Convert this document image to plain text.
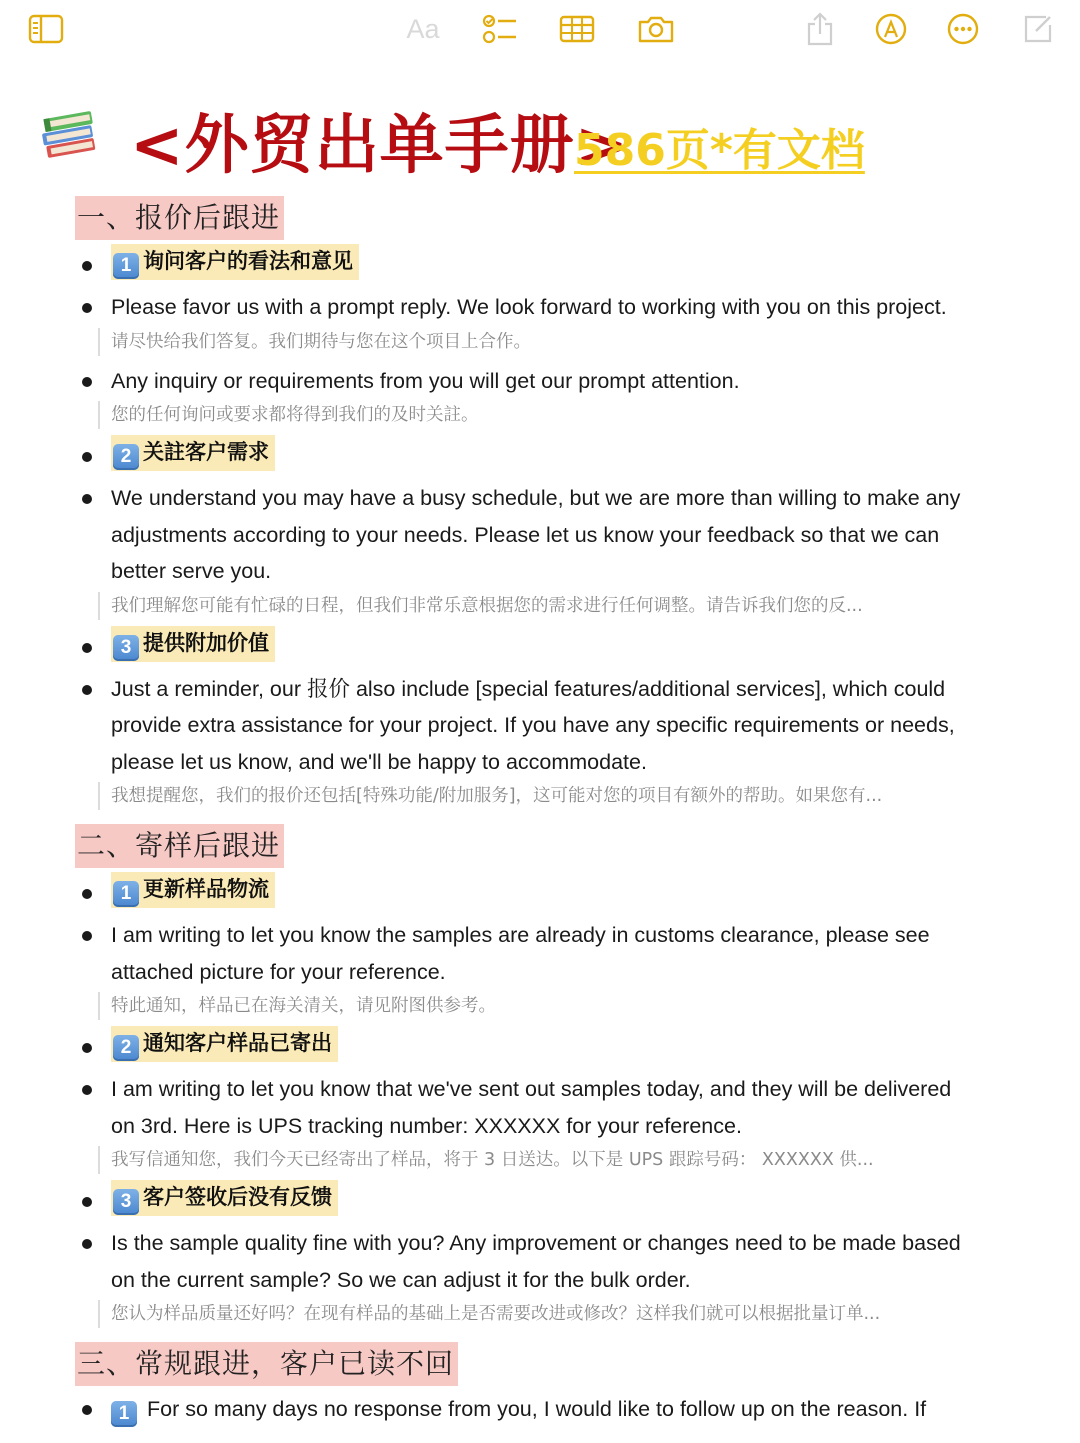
Aa
<外贸出单手册>
586页*有文档
一、报价后跟进
1 询问客户的看法和意见
Please favor us with a prompt reply. We look forward to working with you on this project.
请尽快给我们答复。我们期待与您在这个项目上合作。
Any inquiry or requirements from you will get our prompt attention.
您的任何询问或要求都将得到我们的及时关註。
2 关註客户需求
We understand you may have a busy schedule, but we are more than willing to make any adjustments according to your needs. Please let us know your feedback so that we can better serve you.
我们理解您可能有忙碌的日程，但我们非常乐意根据您的需求进行任何调整。请告诉我们您的反...
3 提供附加价值
Just a reminder, our 报价 also include [special features/additional services], which could provide extra assistance for your project. If you have any specific requirements or needs, please let us know, and we'll be happy to accommodate.
我想提醒您，我们的报价还包括[特殊功能/附加服务]，这可能对您的项目有额外的帮助。如果您有...
二、寄样后跟进
1 更新样品物流
I am writing to let you know the samples are already in customs clearance, please see attached picture for your reference.
特此通知，样品已在海关清关，请见附图供参考。
2 通知客户样品已寄出
I am writing to let you know that we've sent out samples today, and they will be delivered on 3rd. Here is UPS tracking number: XXXXXX for your reference.
我写信通知您，我们今天已经寄出了样品，将于 3 日送达。以下是 UPS 跟踪号码： XXXXXX 供...
3 客户签收后没有反馈
Is the sample quality fine with you? Any improvement or changes need to be made based on the current sample? So we can adjust it for the bulk order.
您认为样品质量还好吗？在现有样品的基础上是否需要改进或修改？这样我们就可以根据批量订单...
三、常规跟进，客户已读不回
1 For so many days no response from you, I would like to follow up on the reason. If
